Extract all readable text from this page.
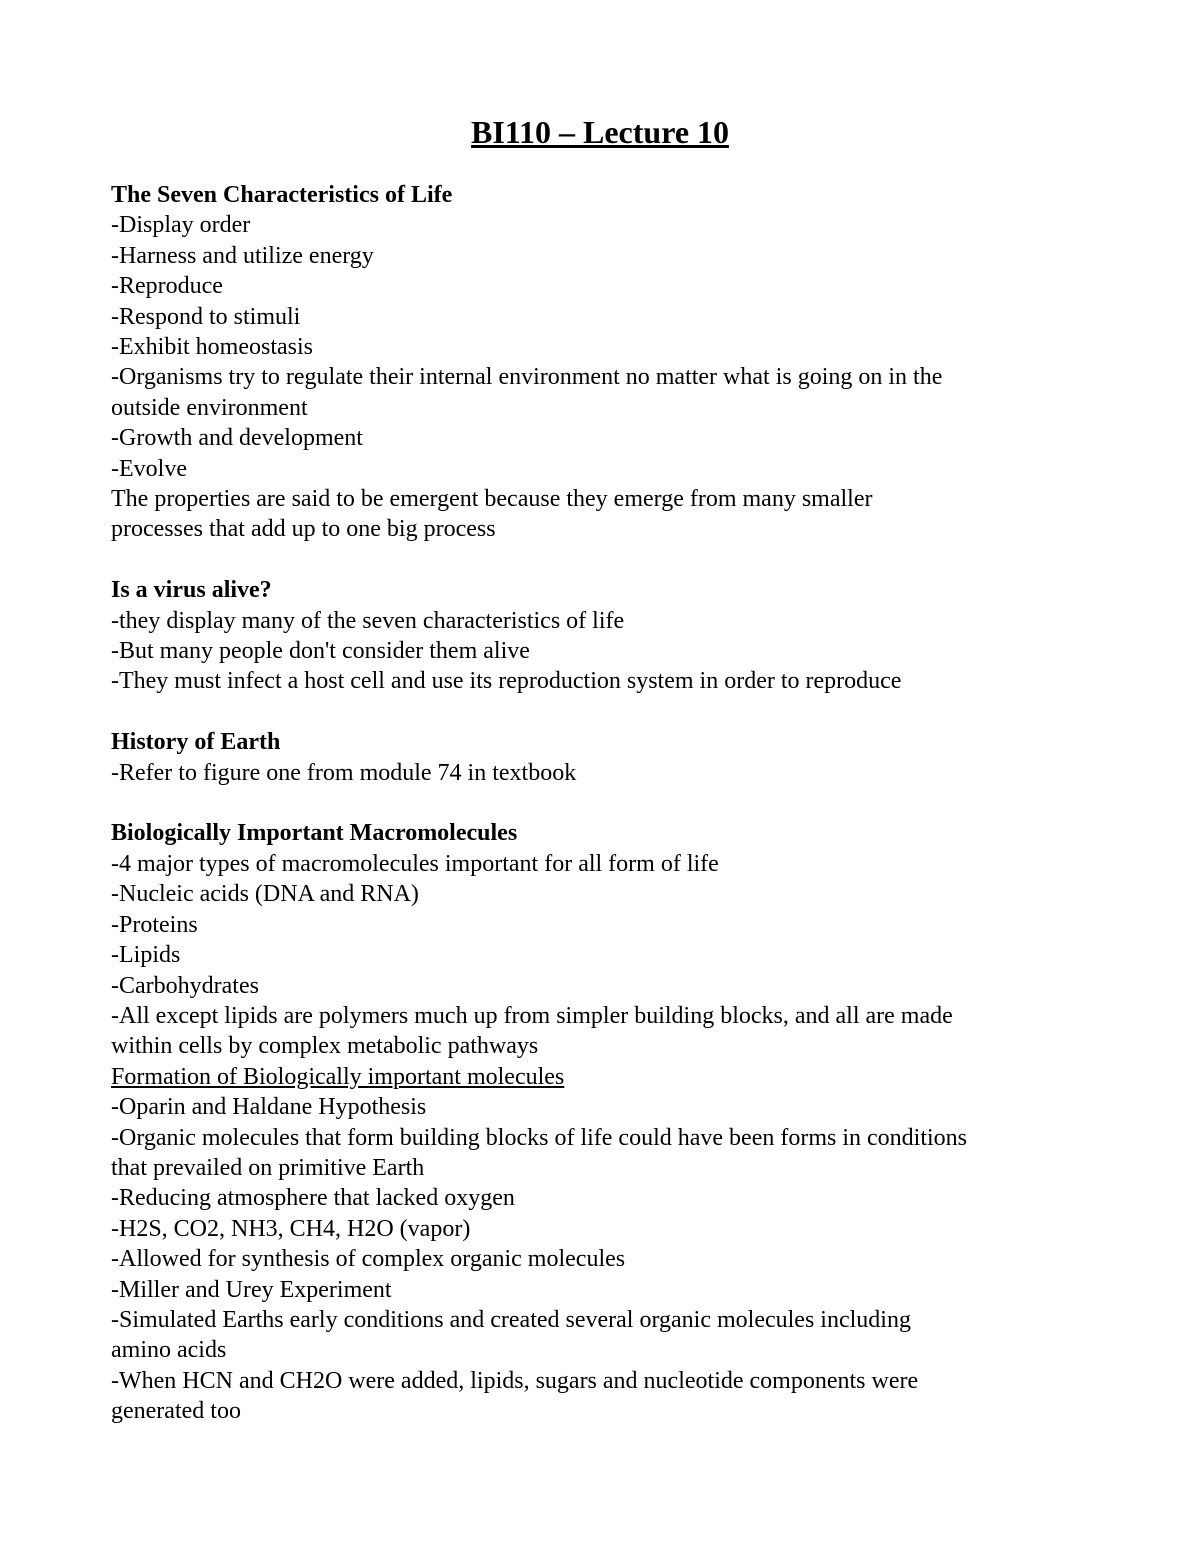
BI110 – Lecture 10

The Seven Characteristics of Life

-Display order

-Harness and utilize energy

-Reproduce

-Respond to stimuli

-Exhibit homeostasis

-Organisms try to regulate their internal environment no matter what is going on in the

outside environment

-Growth and development

-Evolve

The properties are said to be emergent because they emerge from many smaller

processes that add up to one big process

Is a virus alive?

-they display many of the seven characteristics of life

-But many people don't consider them alive

-They must infect a host cell and use its reproduction system in order to reproduce

History of Earth

-Refer to figure one from module 74 in textbook

Biologically Important Macromolecules

-4 major types of macromolecules important for all form of life

-Nucleic acids (DNA and RNA)

-Proteins

-Lipids

-Carbohydrates

-All except lipids are polymers much up from simpler building blocks, and all are made

within cells by complex metabolic pathways

Formation of Biologically important molecules

-Oparin and Haldane Hypothesis

-Organic molecules that form building blocks of life could have been forms in conditions

that prevailed on primitive Earth

-Reducing atmosphere that lacked oxygen

-H2S, CO2, NH3, CH4, H2O (vapor)

-Allowed for synthesis of complex organic molecules

-Miller and Urey Experiment

-Simulated Earths early conditions and created several organic molecules including

amino acids

-When HCN and CH2O were added, lipids, sugars and nucleotide components were

generated too
